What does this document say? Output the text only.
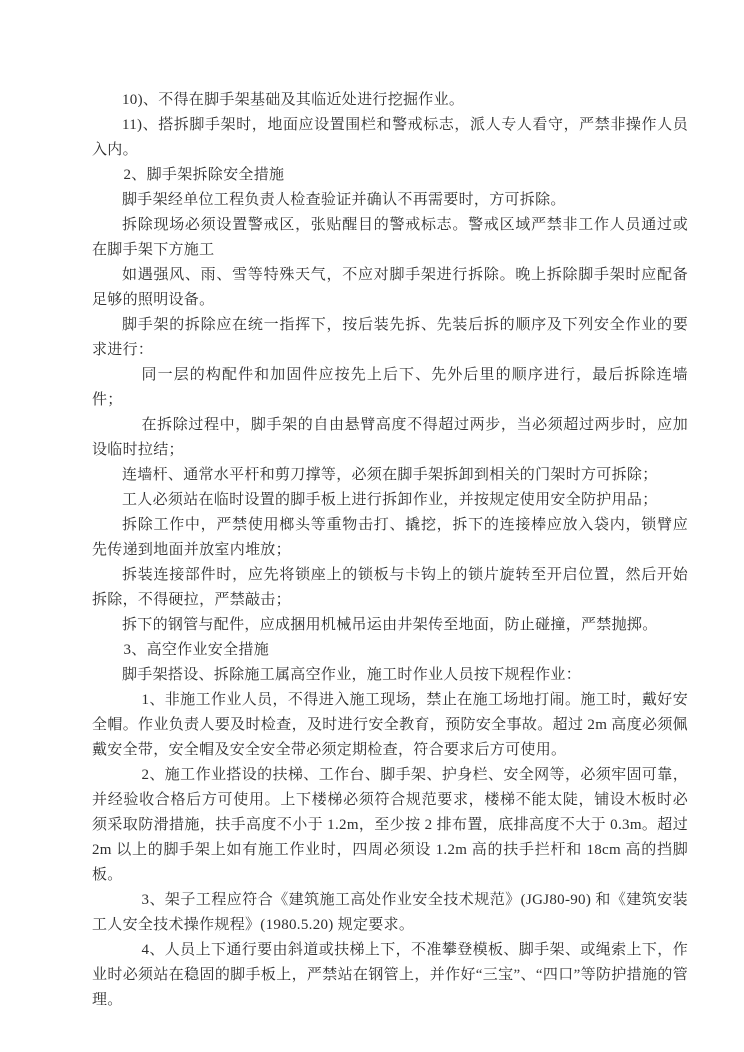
10)、不得在脚手架基础及其临近处进行挖掘作业。

11)、搭拆脚手架时，地面应设置围栏和警戒标志，派人专人看守，严禁非操作人员入内。

2、脚手架拆除安全措施

脚手架经单位工程负责人检查验证并确认不再需要时，方可拆除。

拆除现场必须设置警戒区，张贴醒目的警戒标志。警戒区域严禁非工作人员通过或在脚手架下方施工

如遇强风、雨、雪等特殊天气，不应对脚手架进行拆除。晚上拆除脚手架时应配备足够的照明设备。

脚手架的拆除应在统一指挥下，按后装先拆、先装后拆的顺序及下列安全作业的要求进行：

同一层的构配件和加固件应按先上后下、先外后里的顺序进行，最后拆除连墙件；

在拆除过程中，脚手架的自由悬臂高度不得超过两步，当必须超过两步时，应加设临时拉结；

连墙杆、通常水平杆和剪刀撑等，必须在脚手架拆卸到相关的门架时方可拆除；

工人必须站在临时设置的脚手板上进行拆卸作业，并按规定使用安全防护用品；

拆除工作中，严禁使用榔头等重物击打、撬挖，拆下的连接棒应放入袋内，锁臂应先传递到地面并放室内堆放；

拆装连接部件时，应先将锁座上的锁板与卡钩上的锁片旋转至开启位置，然后开始拆除，不得硬拉，严禁敲击；

拆下的钢管与配件，应成捆用机械吊运由井架传至地面，防止碰撞，严禁抛掷。

3、高空作业安全措施

脚手架搭设、拆除施工属高空作业，施工时作业人员按下规程作业：

1、非施工作业人员，不得进入施工现场，禁止在施工场地打闹。施工时，戴好安全帽。作业负责人要及时检查，及时进行安全教育，预防安全事故。超过 2m 高度必须佩戴安全带，安全帽及安全安全带必须定期检查，符合要求后方可使用。

2、施工作业搭设的扶梯、工作台、脚手架、护身栏、安全网等，必须牢固可靠，并经验收合格后方可使用。上下楼梯必须符合规范要求，楼梯不能太陡，铺设木板时必须采取防滑措施，扶手高度不小于 1.2m，至少按 2 排布置，底排高度不大于 0.3m。超过 2m 以上的脚手架上如有施工作业时，四周必须设 1.2m 高的扶手拦杆和 18cm 高的挡脚板。

3、架子工程应符合《建筑施工高处作业安全技术规范》(JGJ80-90) 和《建筑安装工人安全技术操作规程》(1980.5.20) 规定要求。

4、人员上下通行要由斜道或扶梯上下，不准攀登模板、脚手架、或绳索上下，作业时必须站在稳固的脚手板上，严禁站在钢管上，并作好“三宝”、“四口”等防护措施的管理。
